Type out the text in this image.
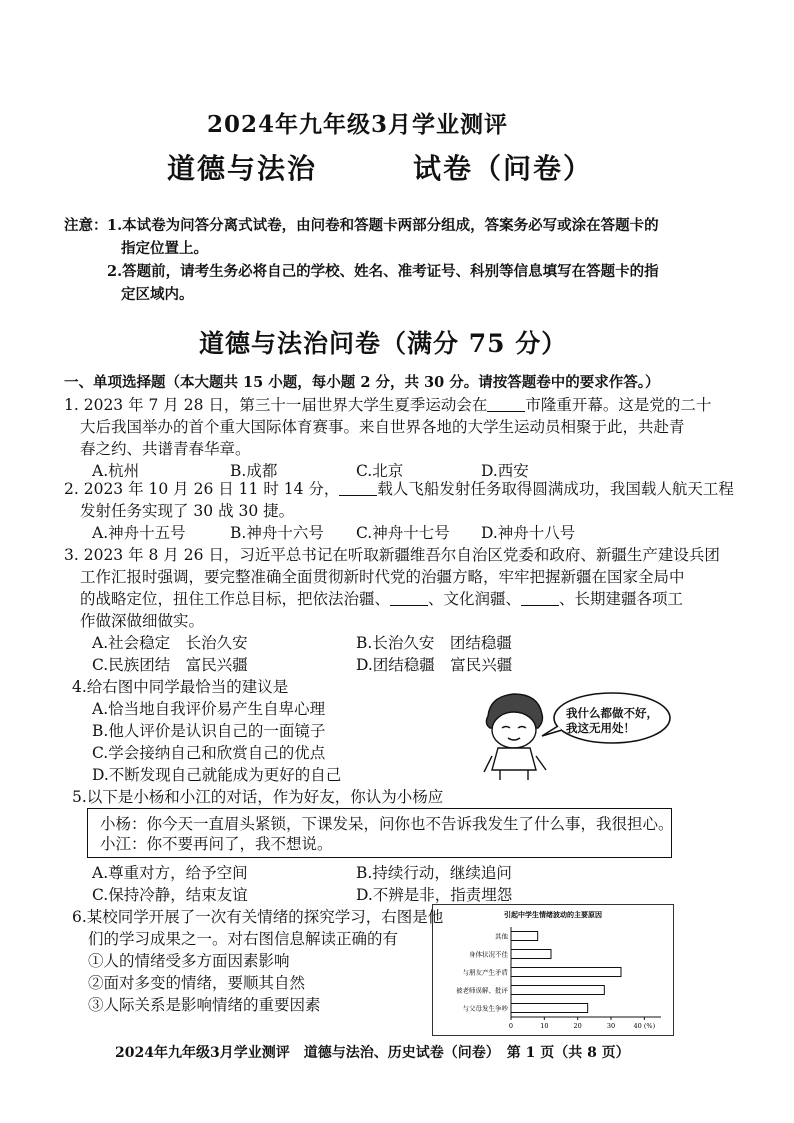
2024年九年级3月学业测评
道德与法治	试卷（问卷）
注意： 1.本试卷为问答分离式试卷，由问卷和答题卡两部分组成，答案务必写或涂在答题卡的
指定位置上。
2.答题前，请考生务必将自己的学校、姓名、准考证号、科别等信息填写在答题卡的指
定区域内。
道德与法治问卷（满分 75 分）
一、单项选择题（本大题共 15 小题，每小题 2 分，共 30 分。请按答题卷中的要求作答。）
1. 2023 年 7 月 28 日，第三十一届世界大学生夏季运动会在 市隆重开幕。这是党的二十
大后我国举办的首个重大国际体育赛事。来自世界各地的大学生运动员相聚于此，共赴青
春之约、共谱青春华章。
A.杭州	B.成都	C.北京	D.西安
2. 2023 年 10 月 26 日 11 时 14 分， 载人飞船发射任务取得圆满成功，我国载人航天工程
发射任务实现了 30 战 30 捷。
A.神舟十五号	B.神舟十六号 C.神舟十七号 D.神舟十八号
3. 2023 年 8 月 26 日，习近平总书记在听取新疆维吾尔自治区党委和政府、新疆生产建设兵团
工作汇报时强调，要完整准确全面贯彻新时代党的治疆方略，牢牢把握新疆在国家全局中
的战略定位，扭住工作总目标，把依法治疆、 、文化润疆、 、长期建疆各项工
作做深做细做实。
A.社会稳定　长治久安	B.长治久安　团结稳疆
C.民族团结　富民兴疆	D.团结稳疆　富民兴疆
4.给右图中同学最恰当的建议是
A.恰当地自我评价易产生自卑心理
B.他人评价是认识自己的一面镜子
C.学会接纳自己和欣赏自己的优点
D.不断发现自己就能成为更好的自己
我什么都做不好，
我这无用处！
5.以下是小杨和小江的对话，作为好友，你认为小杨应
小杨：你今天一直眉头紧锁，下课发呆，问你也不告诉我发生了什么事，我很担心。
小江：你不要再问了，我不想说。
A.尊重对方，给予空间	B.持续行动，继续追问
C.保持冷静，结束友谊	D.不辨是非，指责埋怨
6.某校同学开展了一次有关情绪的探究学习，右图是他
们的学习成果之一。对右图信息解读正确的有
①人的情绪受多方面因素影响
②面对多变的情绪，要顺其自然
③人际关系是影响情绪的重要因素
引起中学生情绪波动的主要原因
其他
身体状况不佳
与朋友产生矛盾
被老师误解、批评
与父母发生争吵
0	10	20	30	40 (%)
2024年九年级3月学业测评　道德与法治、历史试卷（问卷）　第 1 页（共 8 页）
